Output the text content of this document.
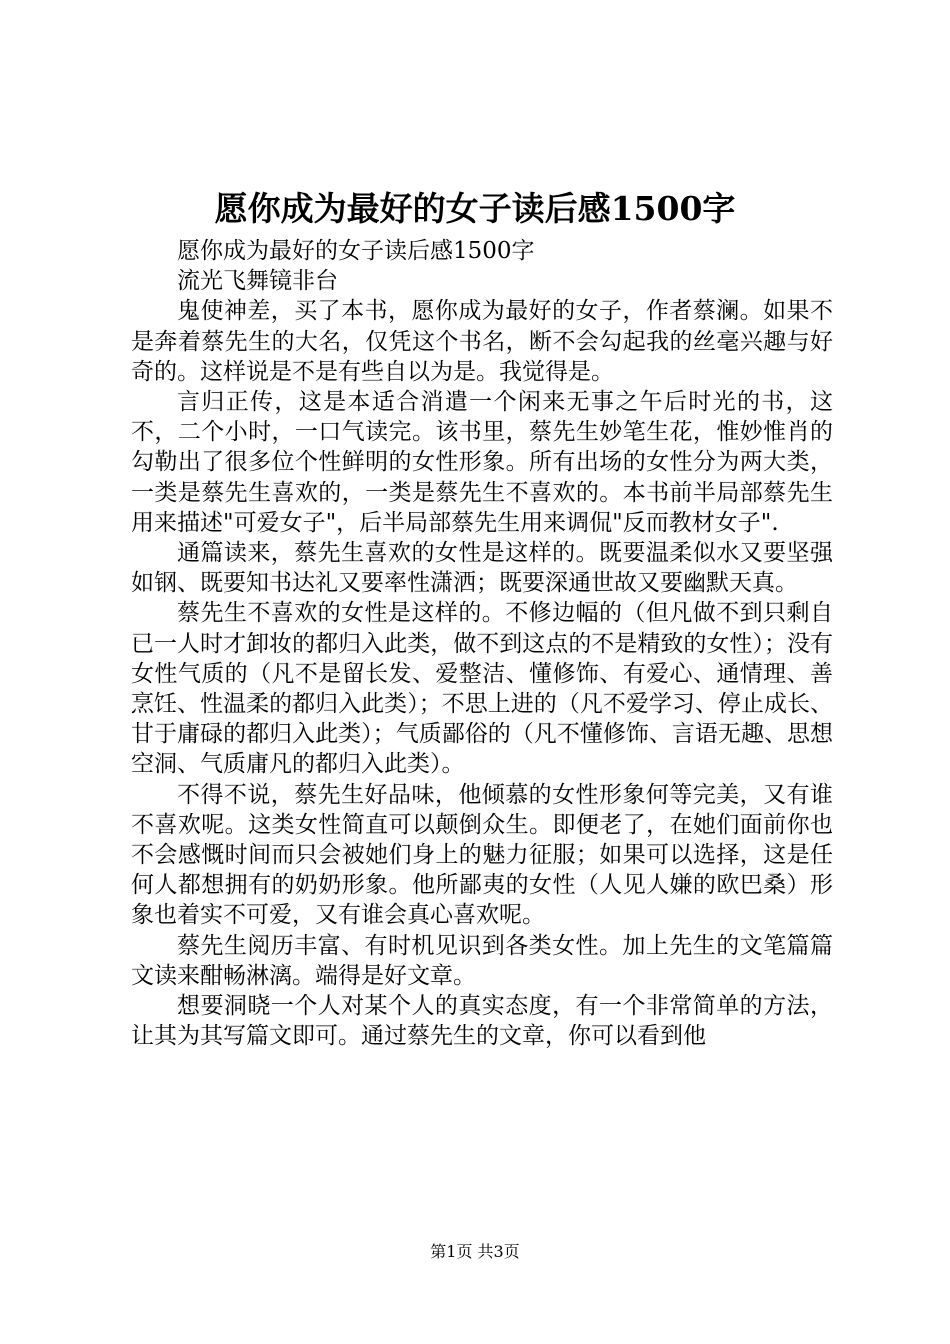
愿你成为最好的女子读后感1500字

愿你成为最好的女子读后感1500字

流光飞舞镜非台

鬼使神差，买了本书，愿你成为最好的女子，作者蔡澜。如果不是奔着蔡先生的大名，仅凭这个书名，断不会勾起我的丝毫兴趣与好奇的。这样说是不是有些自以为是。我觉得是。

言归正传，这是本适合消遣一个闲来无事之午后时光的书，这不，二个小时，一口气读完。该书里，蔡先生妙笔生花，惟妙惟肖的勾勒出了很多位个性鲜明的女性形象。所有出场的女性分为两大类，一类是蔡先生喜欢的，一类是蔡先生不喜欢的。本书前半局部蔡先生用来描述"可爱女子"，后半局部蔡先生用来调侃"反而教材女子".

通篇读来，蔡先生喜欢的女性是这样的。既要温柔似水又要坚强如钢、既要知书达礼又要率性潇洒；既要深通世故又要幽默天真。

蔡先生不喜欢的女性是这样的。不修边幅的（但凡做不到只剩自已一人时才卸妆的都归入此类，做不到这点的不是精致的女性）；没有女性气质的（凡不是留长发、爱整洁、懂修饰、有爱心、通情理、善烹饪、性温柔的都归入此类）；不思上进的（凡不爱学习、停止成长、甘于庸碌的都归入此类）；气质鄙俗的（凡不懂修饰、言语无趣、思想空洞、气质庸凡的都归入此类）。

不得不说，蔡先生好品味，他倾慕的女性形象何等完美，又有谁不喜欢呢。这类女性简直可以颠倒众生。即便老了，在她们面前你也不会感慨时间而只会被她们身上的魅力征服；如果可以选择，这是任何人都想拥有的奶奶形象。他所鄙夷的女性（人见人嫌的欧巴桑）形象也着实不可爱，又有谁会真心喜欢呢。

蔡先生阅历丰富、有时机见识到各类女性。加上先生的文笔篇篇文读来酣畅淋漓。端得是好文章。

想要洞晓一个人对某个人的真实态度，有一个非常简单的方法，让其为其写篇文即可。通过蔡先生的文章，你可以看到他

第1页 共3页
